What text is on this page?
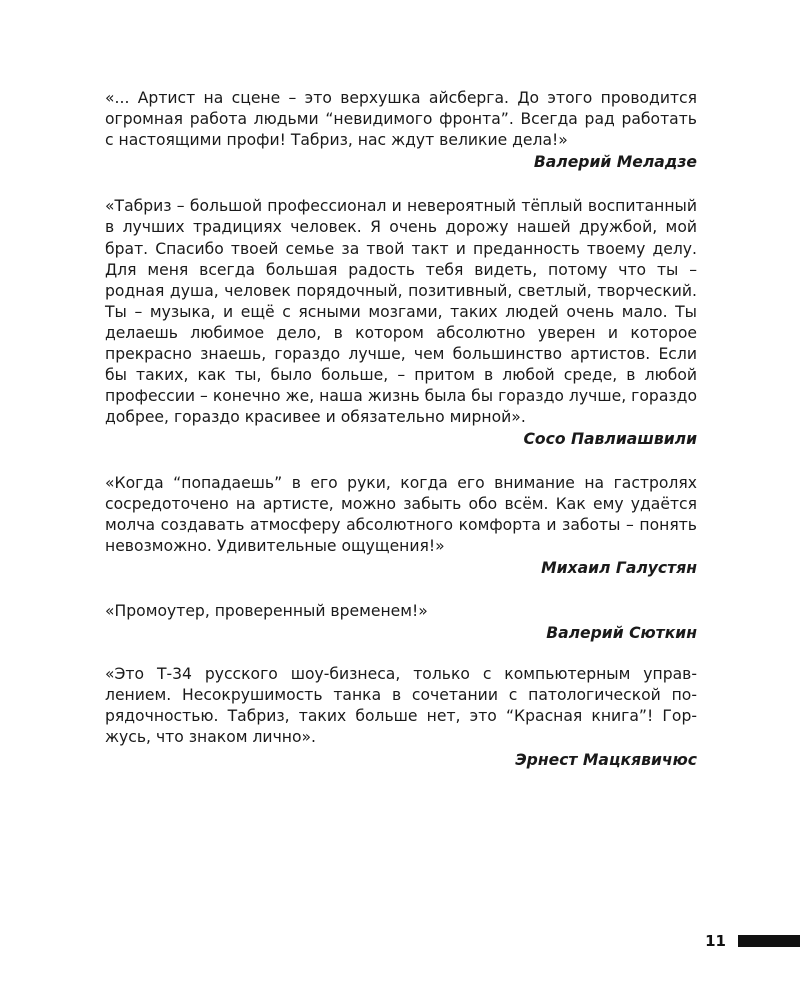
«... Артист на сцене – это верхушка айсберга. До этого проводится огромная работа людьми “невидимого фронта”. Всегда рад работать с настоящими профи! Табриз, нас ждут великие дела!»

Валерий Меладзе

«Табриз – большой профессионал и невероятный тёплый воспитанный в лучших традициях человек. Я очень дорожу нашей дружбой, мой брат. Спасибо твоей семье за твой такт и преданность твоему делу. Для меня всегда большая радость тебя видеть, потому что ты – родная душа, человек порядочный, позитивный, светлый, творческий. Ты – музыка, и ещё с ясными мозгами, таких людей очень мало. Ты делаешь любимое дело, в котором абсолютно уверен и которое прекрасно знаешь, гораздо лучше, чем большинство артистов. Если бы таких, как ты, было больше, – притом в любой среде, в любой профессии – конечно же, наша жизнь была бы гораздо лучше, гораздо добрее, гораздо красивее и обязательно мирной».

Сосо Павлиашвили

«Когда “попадаешь” в его руки, когда его внимание на гастролях сосредоточено на артисте, можно забыть обо всём. Как ему удаётся молча создавать атмосферу абсолютного комфорта и заботы – понять невозможно. Удивительные ощущения!»

Михаил Галустян

«Промоутер, проверенный временем!»

Валерий Сюткин

«Это Т-34 русского шоу-бизнеса, только с компьютерным управлением. Несокрушимость танка в сочетании с патологической порядочностью. Табриз, таких больше нет, это “Красная книга”! Горжусь, что знаком лично».

Эрнест Мацкявичюс

11
